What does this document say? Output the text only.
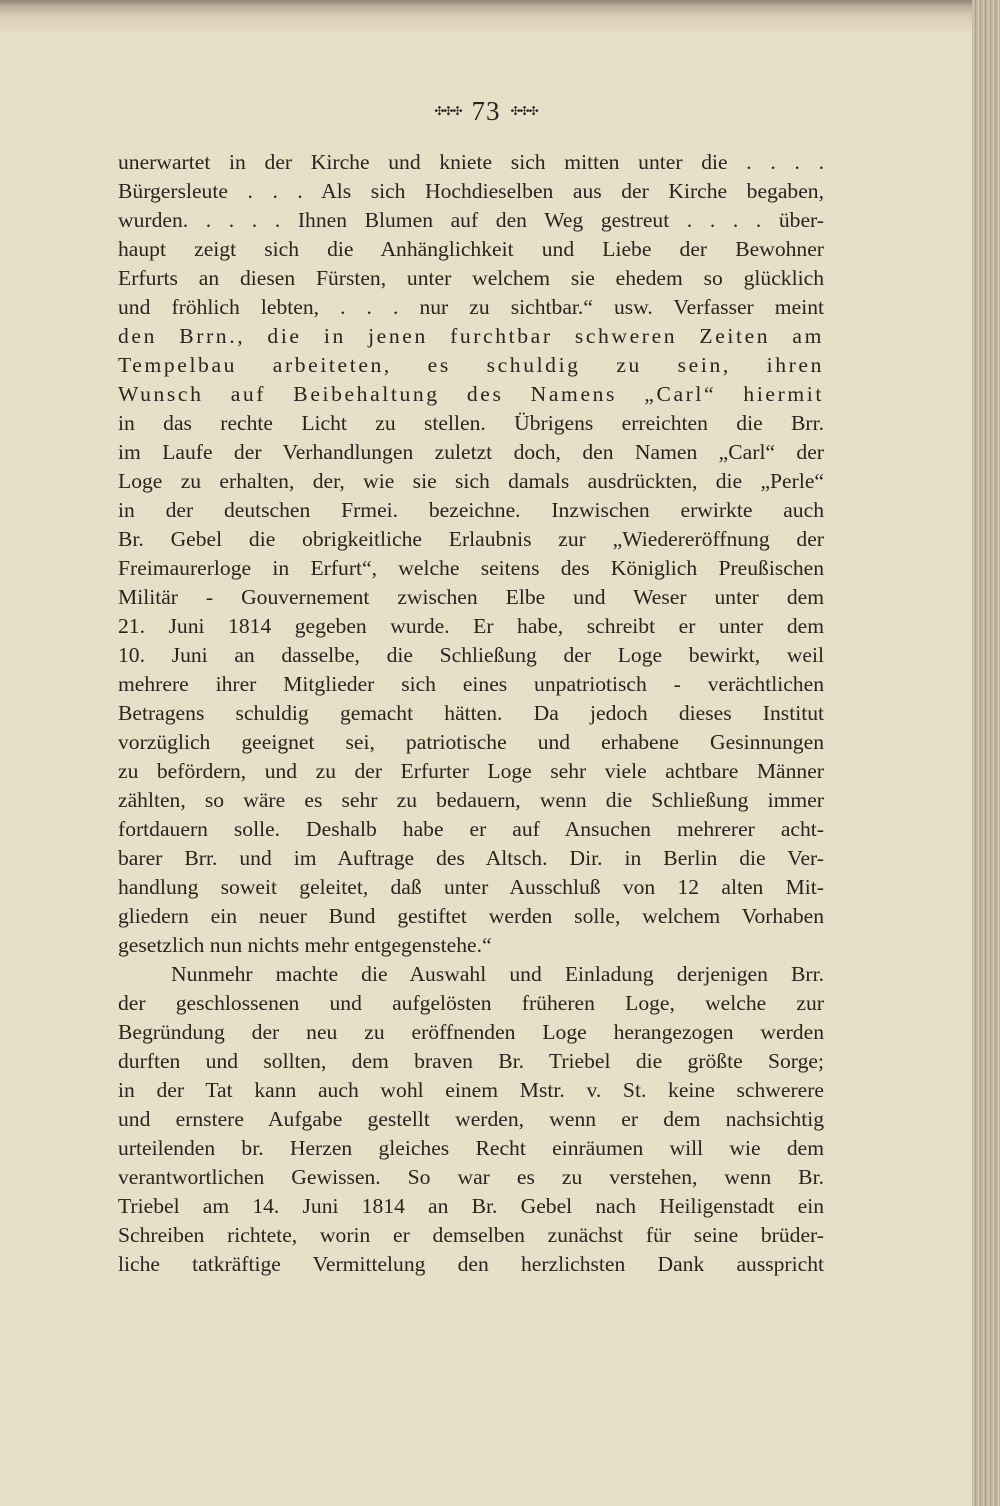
✣✣✣ 73 ✣✣✣
unerwartet in der Kirche und kniete sich mitten unter die . . . .
Bürgersleute . . . Als sich Hochdieselben aus der Kirche begaben,
wurden. . . . . Ihnen Blumen auf den Weg gestreut . . . . über-
haupt zeigt sich die Anhänglichkeit und Liebe der Bewohner
Erfurts an diesen Fürsten, unter welchem sie ehedem so glücklich
und fröhlich lebten, . . . nur zu sichtbar.“ usw. Verfasser meint
den Brrn., die in jenen furchtbar schweren Zeiten am
Tempelbau arbeiteten, es schuldig zu sein, ihren
Wunsch auf Beibehaltung des Namens „Carl“ hiermit
in das rechte Licht zu stellen. Übrigens erreichten die Brr.
im Laufe der Verhandlungen zuletzt doch, den Namen „Carl“ der
Loge zu erhalten, der, wie sie sich damals ausdrückten, die „Perle“
in der deutschen Frmei. bezeichne. Inzwischen erwirkte auch
Br. Gebel die obrigkeitliche Erlaubnis zur „Wiedereröffnung der
Freimaurerloge in Erfurt“, welche seitens des Königlich Preußischen
Militär - Gouvernement zwischen Elbe und Weser unter dem
21. Juni 1814 gegeben wurde. Er habe, schreibt er unter dem
10. Juni an dasselbe, die Schließung der Loge bewirkt, weil
mehrere ihrer Mitglieder sich eines unpatriotisch - verächtlichen
Betragens schuldig gemacht hätten. Da jedoch dieses Institut
vorzüglich geeignet sei, patriotische und erhabene Gesinnungen
zu befördern, und zu der Erfurter Loge sehr viele achtbare Männer
zählten, so wäre es sehr zu bedauern, wenn die Schließung immer
fortdauern solle. Deshalb habe er auf Ansuchen mehrerer acht-
barer Brr. und im Auftrage des Altsch. Dir. in Berlin die Ver-
handlung soweit geleitet, daß unter Ausschluß von 12 alten Mit-
gliedern ein neuer Bund gestiftet werden solle, welchem Vorhaben
gesetzlich nun nichts mehr entgegenstehe.“
Nunmehr machte die Auswahl und Einladung derjenigen Brr.
der geschlossenen und aufgelösten früheren Loge, welche zur
Begründung der neu zu eröffnenden Loge herangezogen werden
durften und sollten, dem braven Br. Triebel die größte Sorge;
in der Tat kann auch wohl einem Mstr. v. St. keine schwerere
und ernstere Aufgabe gestellt werden, wenn er dem nachsichtig
urteilenden br. Herzen gleiches Recht einräumen will wie dem
verantwortlichen Gewissen. So war es zu verstehen, wenn Br.
Triebel am 14. Juni 1814 an Br. Gebel nach Heiligenstadt ein
Schreiben richtete, worin er demselben zunächst für seine brüder-
liche tatkräftige Vermittelung den herzlichsten Dank ausspricht
